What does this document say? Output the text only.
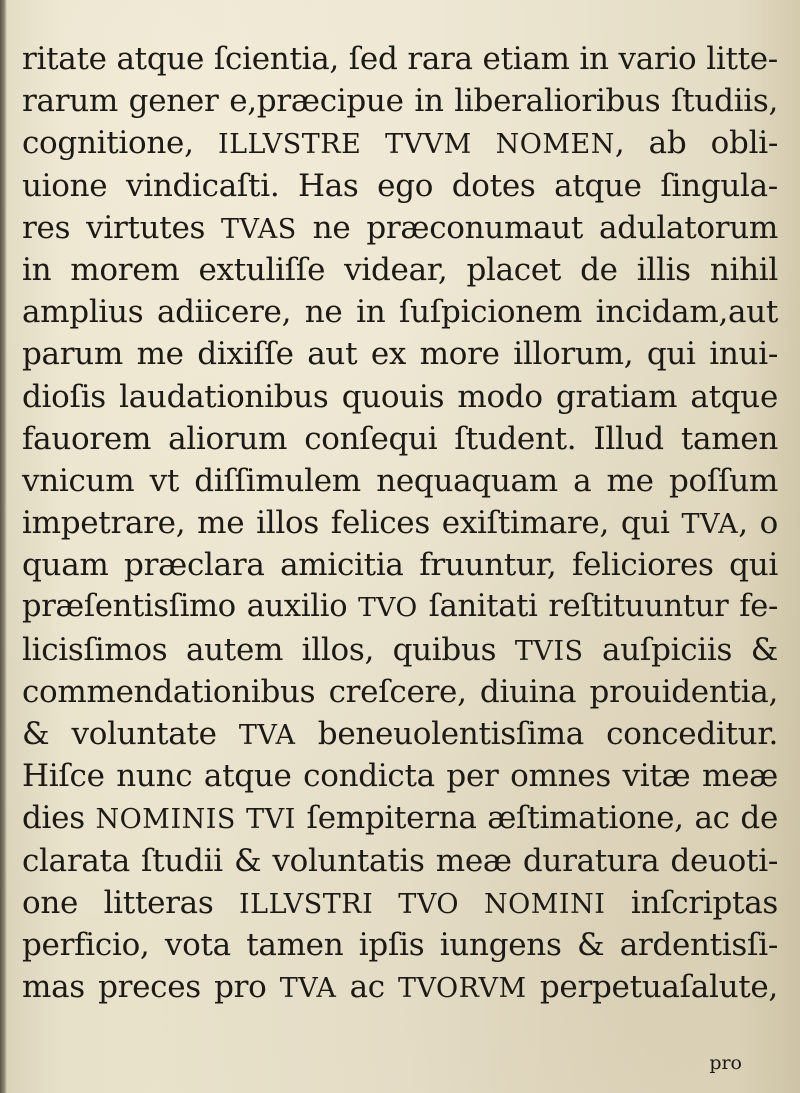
ritate atque ſcientia, ſed rara etiam in vario litte-
rarum gener e,præcipue in liberalioribus ſtudiis,
cognitione, ILLVSTRE TVVM NOMEN, ab obli-
uione vindicaſti. Has ego dotes atque ſingula-
res virtutes TVAS ne præconumaut adulatorum
in morem extuliſſe videar, placet de illis nihil
amplius adiicere, ne in ſuſpicionem incidam,aut
parum me dixiſſe aut ex more illorum, qui inui-
dioſis laudationibus quouis modo gratiam atque
fauorem aliorum conſequi ſtudent. Illud tamen
vnicum vt diſſimulem nequaquam a me poſſum
impetrare, me illos felices exiſtimare, qui TVA, o
quam præclara amicitia fruuntur, feliciores qui
præſentisſimo auxilio TVO ſanitati reſtituuntur fe-
licisſimos autem illos, quibus TVIS auſpiciis &
commendationibus creſcere, diuina prouidentia,
& voluntate TVA beneuolentisſima conceditur.
Hiſce nunc atque condicta per omnes vitæ meæ
dies NOMINIS TVI ſempiterna æſtimatione, ac de
clarata ſtudii & voluntatis meæ duratura deuoti-
one litteras ILLVSTRI TVO NOMINI inſcriptas
perficio, vota tamen ipſis iungens & ardentisſi-
mas preces pro TVA ac TVORVM perpetuaſalute,
pro
